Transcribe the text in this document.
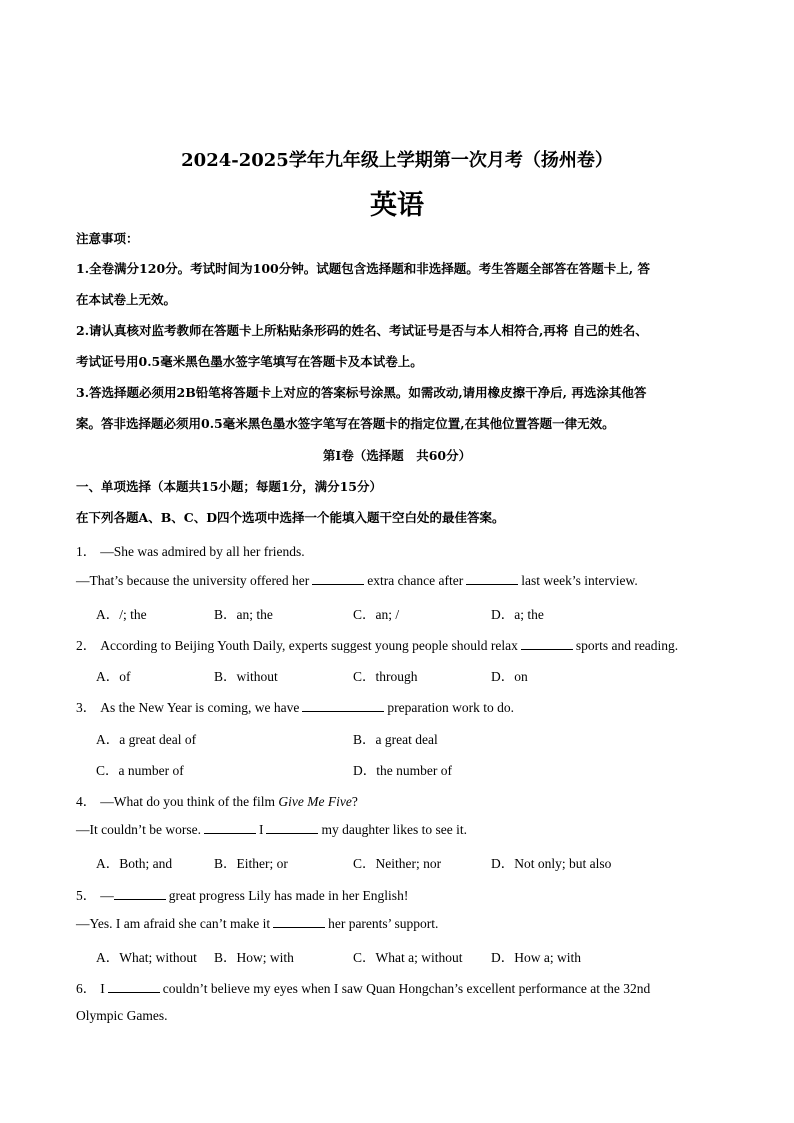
2024-2025学年九年级上学期第一次月考（扬州卷）
英语
注意事项：
1.全卷满分120分。考试时间为100分钟。试题包含选择题和非选择题。考生答题全部答在答题卡上, 答
在本试卷上无效。
2.请认真核对监考教师在答题卡上所粘贴条形码的姓名、考试证号是否与本人相符合,再将 自己的姓名、
考试证号用0.5毫米黑色墨水签字笔填写在答题卡及本试卷上。
3.答选择题必须用2B铅笔将答题卡上对应的答案标号涂黑。如需改动,请用橡皮擦干净后, 再选涂其他答
案。答非选择题必须用0.5毫米黑色墨水签字笔写在答题卡的指定位置,在其他位置答题一律无效。
第Ⅰ卷（选择题　共60分）
一、单项选择（本题共15小题；每题1分，满分15分）
在下列各题A、B、C、D四个选项中选择一个能填入题干空白处的最佳答案。
1． —She was admired by all her friends.
—That’s because the university offered her	extra chance after	last week’s interview.
A．/; the	B．an; the	C．an; /	D．a; the
2． According to Beijing Youth Daily, experts suggest young people should relax	sports and reading.
A．of	B．without	C．through	D．on
3． As the New Year is coming, we have	preparation work to do.
A．a great deal of	B．a great deal
C．a number of	D．the number of
4． —What do you think of the film Give Me Five?
—It couldn’t be worse.	I	my daughter likes to see it.
A．Both; and	B．Either; or	C．Neither; nor	D．Not only; but also
5． —	great progress Lily has made in her English!
—Yes. I am afraid she can’t make it	her parents’ support.
A．What; without B．How; with	C．What a; without D．How a; with
6． I	couldn’t believe my eyes when I saw Quan Hongchan’s excellent performance at the 32nd
Olympic Games.
